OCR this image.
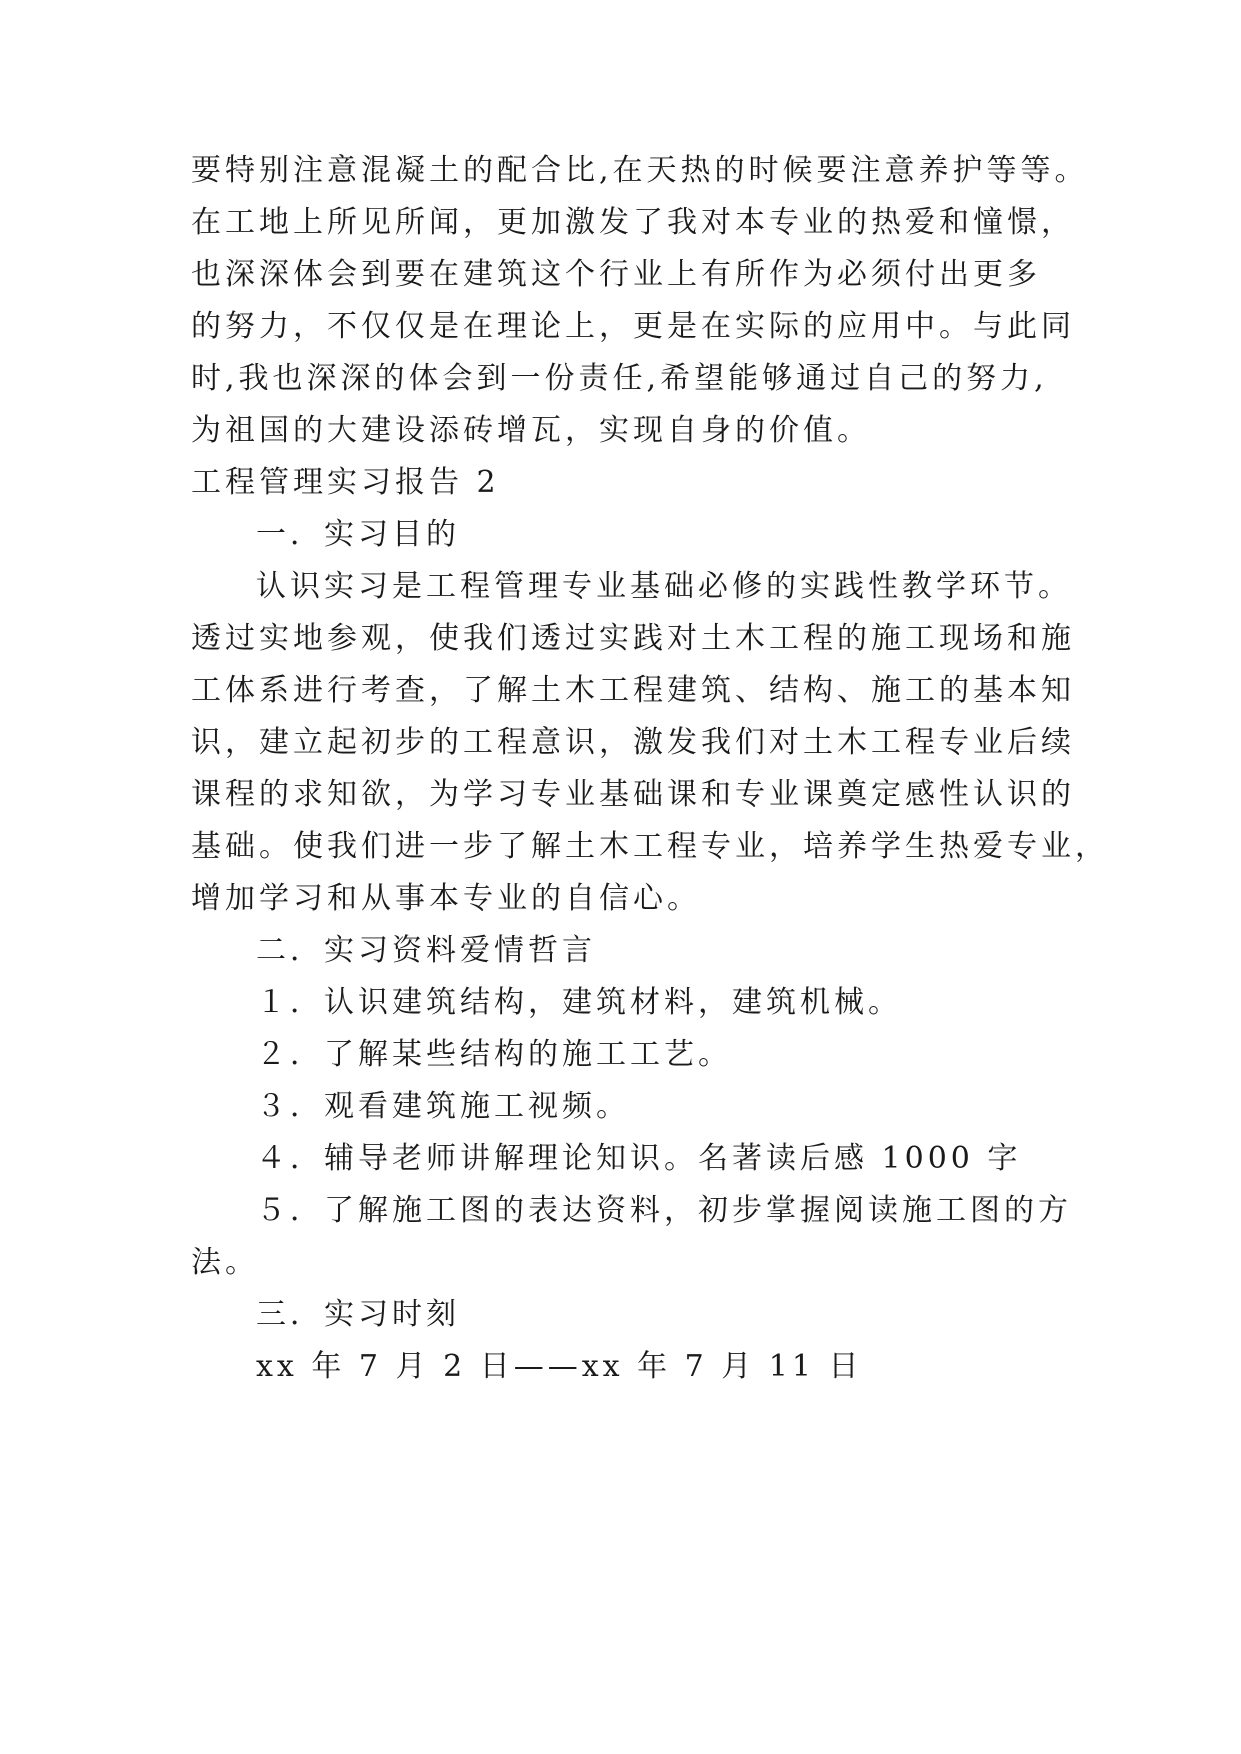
要特别注意混凝土的配合比,在天热的时候要注意养护等等。
在工地上所见所闻，更加激发了我对本专业的热爱和憧憬，
也深深体会到要在建筑这个行业上有所作为必须付出更多
的努力，不仅仅是在理论上，更是在实际的应用中。与此同
时,我也深深的体会到一份责任,希望能够通过自己的努力,
为祖国的大建设添砖增瓦，实现自身的价值。
工程管理实习报告 2
一．实习目的
认识实习是工程管理专业基础必修的实践性教学环节。
透过实地参观，使我们透过实践对土木工程的施工现场和施
工体系进行考查，了解土木工程建筑、结构、施工的基本知
识，建立起初步的工程意识，激发我们对土木工程专业后续
课程的求知欲，为学习专业基础课和专业课奠定感性认识的
基础。使我们进一步了解土木工程专业，培养学生热爱专业，
增加学习和从事本专业的自信心。
二．实习资料爱情哲言
１．认识建筑结构，建筑材料，建筑机械。
２．了解某些结构的施工工艺。
３．观看建筑施工视频。
４．辅导老师讲解理论知识。名著读后感 1000 字
５．了解施工图的表达资料，初步掌握阅读施工图的方
法。
三．实习时刻
xx 年 7 月 2 日——xx 年 7 月 11 日
